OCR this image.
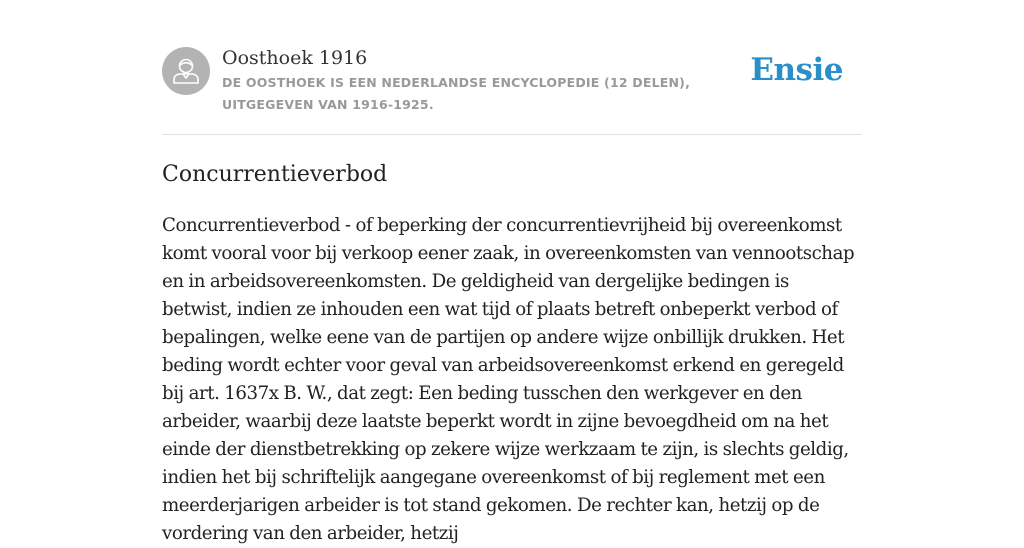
Oosthoek 1916
DE OOSTHOEK IS EEN NEDERLANDSE ENCYCLOPEDIE (12 DELEN), UITGEGEVEN VAN 1916-1925.
Ensie
Concurrentieverbod

Concurrentieverbod - of beperking der concurrentievrijheid bij overeenkomst komt vooral voor bij verkoop eener zaak, in overeenkomsten van vennootschap en in arbeidsovereenkomsten. De geldigheid van dergelijke bedingen is betwist, indien ze inhouden een wat tijd of plaats betreft onbeperkt verbod of bepalingen, welke eene van de partijen op andere wijze onbillijk drukken. Het beding wordt echter voor geval van arbeidsovereenkomst erkend en geregeld bij art. 1637x B. W., dat zegt: Een beding tusschen den werkgever en den arbeider, waarbij deze laatste beperkt wordt in zijne bevoegdheid om na het einde der dienstbetrekking op zekere wijze werkzaam te zijn, is slechts geldig, indien het bij schriftelijk aangegane overeenkomst of bij reglement met een meerderjarigen arbeider is tot stand gekomen. De rechter kan, hetzij op de vordering van den arbeider, hetzij
